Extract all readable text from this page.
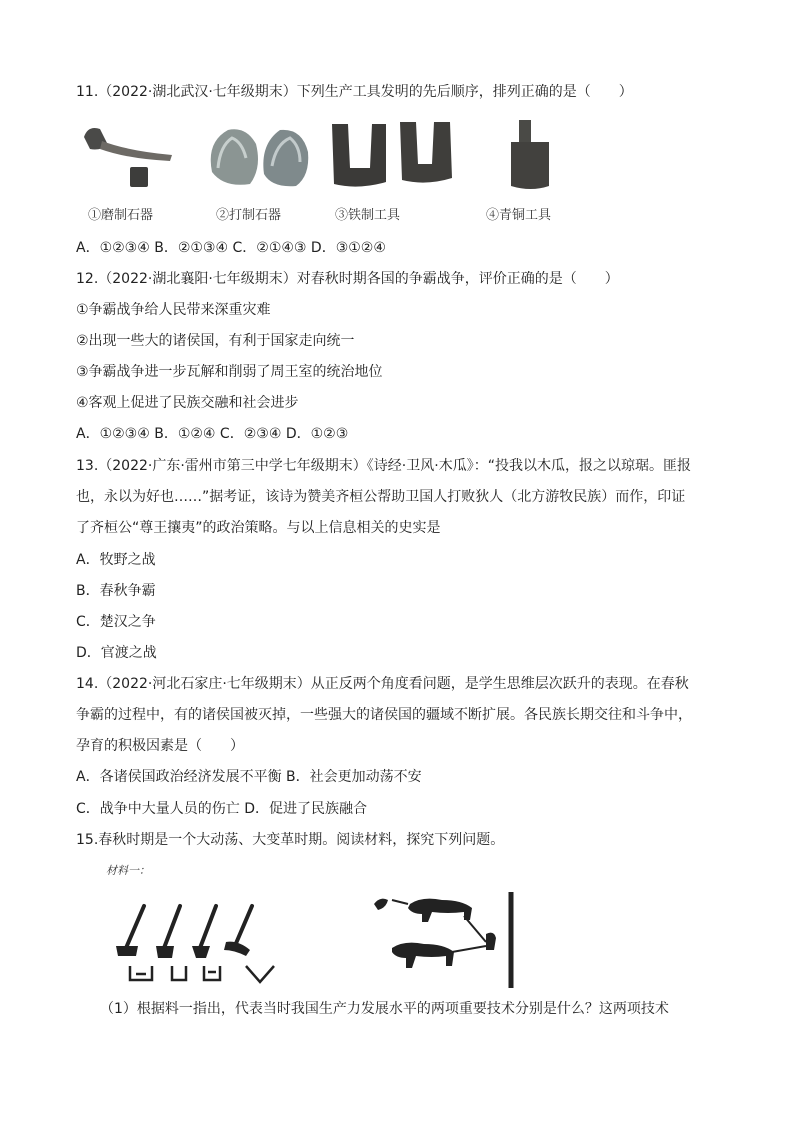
11.（2022·湖北武汉·七年级期末）下列生产工具发明的先后顺序，排列正确的是（　　）
①磨制石器	②打制石器	③铁制工具	④青铜工具
A．①②③④ B．②①③④ C．②①④③ D．③①②④
12.（2022·湖北襄阳·七年级期末）对春秋时期各国的争霸战争，评价正确的是（　　）
①争霸战争给人民带来深重灾难
②出现一些大的诸侯国，有利于国家走向统一
③争霸战争进一步瓦解和削弱了周王室的统治地位
④客观上促进了民族交融和社会进步
A．①②③④ B．①②④ C．②③④ D．①②③
13.（2022·广东·雷州市第三中学七年级期末）《诗经·卫风·木瓜》：“投我以木瓜，报之以琼琚。匪报
也，永以为好也……”据考证，该诗为赞美齐桓公帮助卫国人打败狄人（北方游牧民族）而作，印证
了齐桓公“尊王攘夷”的政治策略。与以上信息相关的史实是
A．牧野之战
B．春秋争霸
C．楚汉之争
D．官渡之战
14.（2022·河北石家庄·七年级期末）从正反两个角度看问题，是学生思维层次跃升的表现。在春秋
争霸的过程中，有的诸侯国被灭掉，一些强大的诸侯国的疆域不断扩展。各民族长期交往和斗争中，
孕育的积极因素是（　　）
A．各诸侯国政治经济发展不平衡 B．社会更加动荡不安
C．战争中大量人员的伤亡 D．促进了民族融合
15.春秋时期是一个大动荡、大变革时期。阅读材料，探究下列问题。
材料一：
（1）根据料一指出，代表当时我国生产力发展水平的两项重要技术分别是什么？这两项技术
